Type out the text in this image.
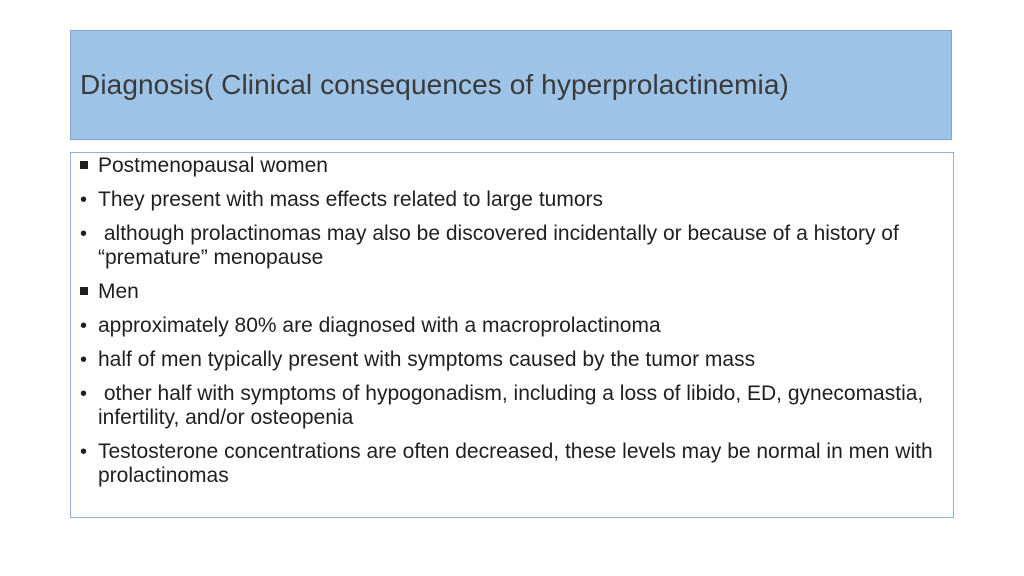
Diagnosis( Clinical consequences of hyperprolactinemia)
Postmenopausal women
•
They present with mass effects related to large tumors
•
although prolactinomas may also be discovered incidentally or because of a history of “premature” menopause
Men
•
approximately 80% are diagnosed with a macroprolactinoma
•
half of men typically present with symptoms caused by the tumor mass
•
other half with symptoms of hypogonadism, including a loss of libido, ED, gynecomastia, infertility, and/or osteopenia
•
Testosterone concentrations are often decreased, these levels may be normal in men with prolactinomas
